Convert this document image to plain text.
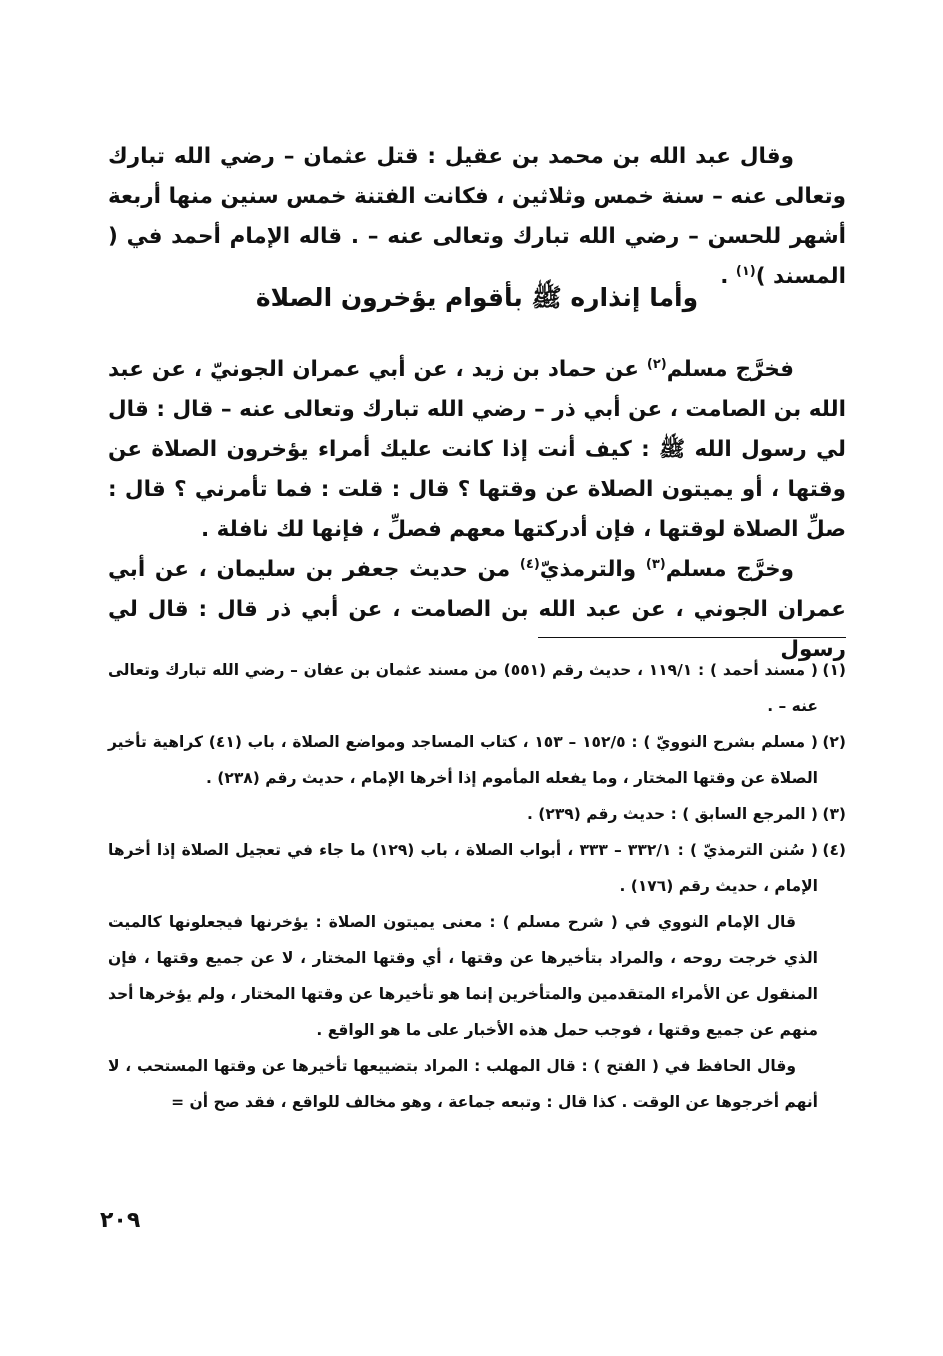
وقال عبد الله بن محمد بن عقيل : قتل عثمان – رضي الله تبارك وتعالى عنه – سنة خمس وثلاثين ، فكانت الفتنة خمس سنين منها أربعة أشهر للحسن – رضي الله تبارك وتعالى عنه – . قاله الإمام أحمد في ( المسند )$^{(١)}$ .

وأما إنذاره ﷺ بأقوام يؤخرون الصلاة

فخرَّج مسلم$^{(٢)}$ عن حماد بن زيد ، عن أبي عمران الجونيّ ، عن عبد الله بن الصامت ، عن أبي ذر – رضي الله تبارك وتعالى عنه – قال : قال لي رسول الله ﷺ : كيف أنت إذا كانت عليك أمراء يؤخرون الصلاة عن وقتها ، أو يميتون الصلاة عن وقتها ؟ قال : قلت : فما تأمرني ؟ قال : صلِّ الصلاة لوقتها ، فإن أدركتها معهم فصلِّ ، فإنها لك نافلة .

وخرَّج مسلم$^{(٣)}$ والترمذيّ$^{(٤)}$ من حديث جعفر بن سليمان ، عن أبي عمران الجوني ، عن عبد الله بن الصامت ، عن أبي ذر قال : قال لي رسول

(١)( مسند أحمد ) : ١١٩/١ ، حديث رقم (٥٥١) من مسند عثمان بن عفان – رضي الله تبارك وتعالى عنه – .

(٢)( مسلم بشرح النوويّ ) : ١٥٢/٥ – ١٥٣ ، كتاب المساجد ومواضع الصلاة ، باب (٤١) كراهية تأخير الصلاة عن وقتها المختار ، وما يفعله المأموم إذا أخرها الإمام ، حديث رقم (٢٣٨) .

(٣)( المرجع السابق ) : حديث رقم (٢٣٩) .

(٤)( سُنن الترمذيّ ) : ٣٣٢/١ – ٣٣٣ ، أبواب الصلاة ، باب (١٢٩) ما جاء في تعجيل الصلاة إذا أخرها الإمام ، حديث رقم (١٧٦) .

قال الإمام النووي في ( شرح مسلم ) : معنى يميتون الصلاة : يؤخرنها فيجعلونها كالميت الذي خرجت روحه ، والمراد بتأخيرها عن وقتها ، أي وقتها المختار ، لا عن جميع وقتها ، فإن المنقول عن الأمراء المتقدمين والمتأخرين إنما هو تأخيرها عن وقتها المختار ، ولم يؤخرها أحد منهم عن جميع وقتها ، فوجب حمل هذه الأخبار على ما هو الواقع .

وقال الحافظ في ( الفتح ) : قال المهلب : المراد بتضييعها تأخيرها عن وقتها المستحب ، لا أنهم أخرجوها عن الوقت . كذا قال : وتبعه جماعة ، وهو مخالف للواقع ، فقد صح أن =

٢٠٩
